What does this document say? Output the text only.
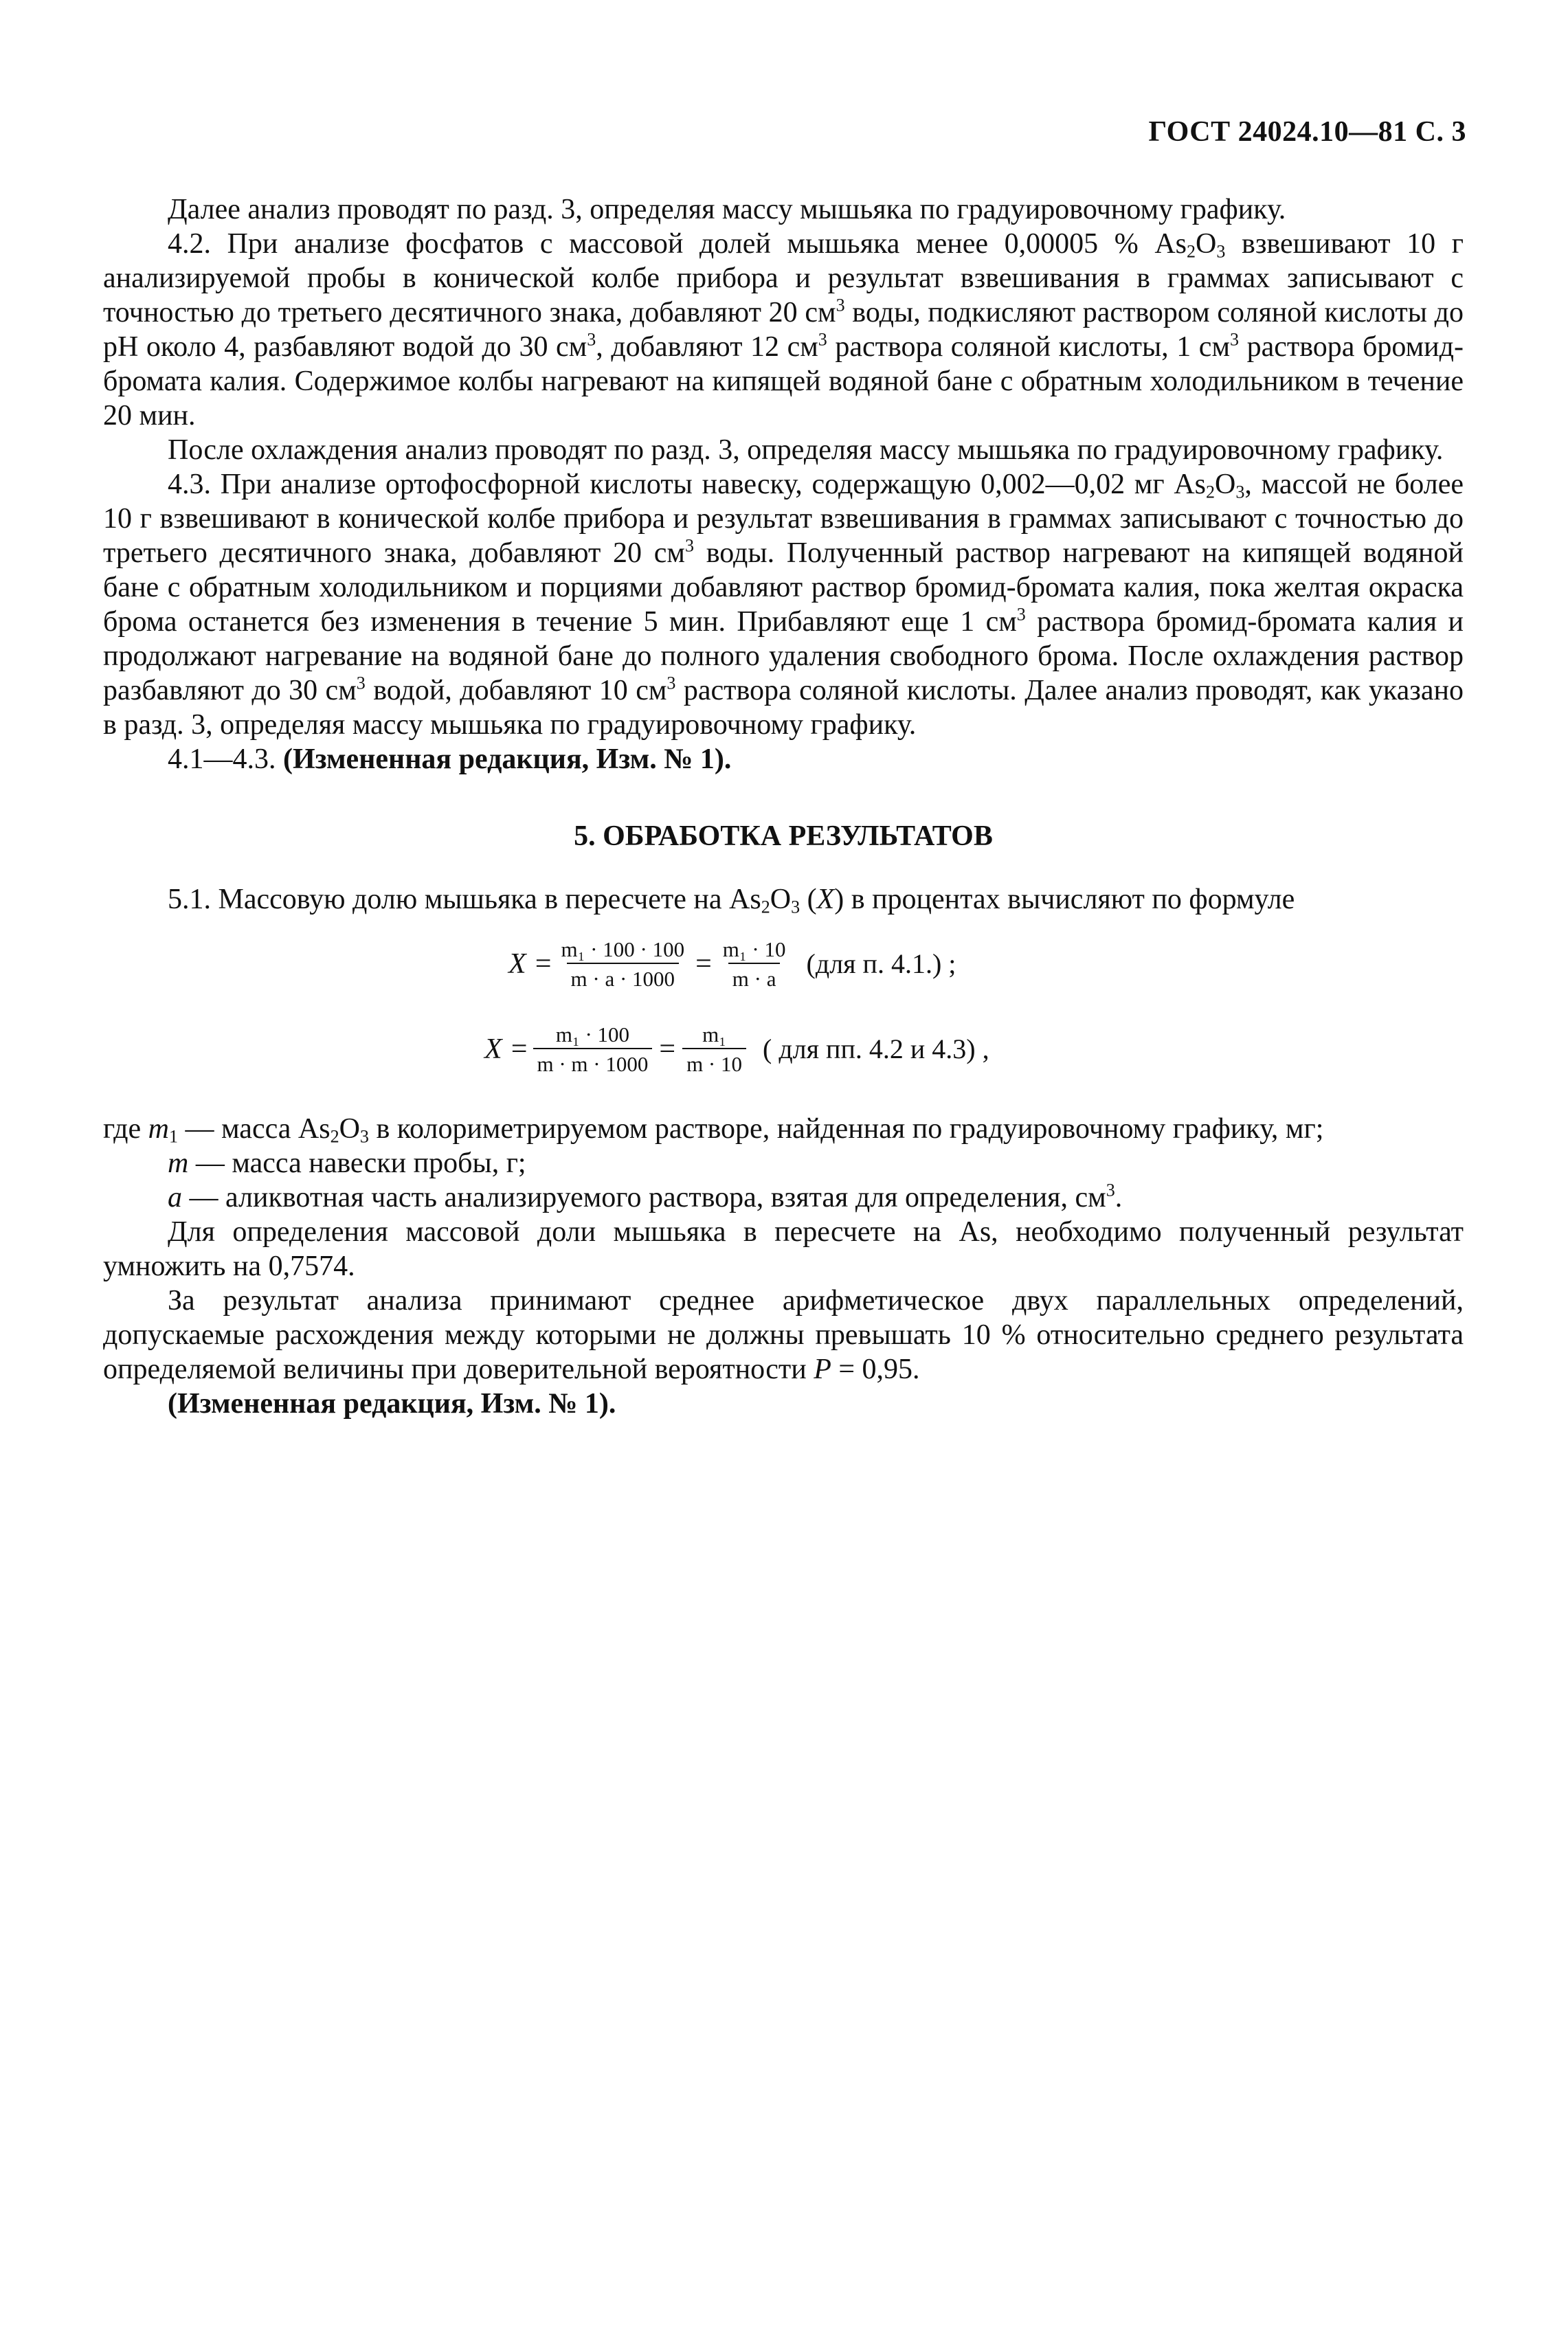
ГОСТ 24024.10—81 С. 3

Далее анализ проводят по разд. 3, определяя массу мышьяка по градуировочному графику.

4.2. При анализе фосфатов с массовой долей мышьяка менее 0,00005 % $As_2O_3$ взвешивают 10 г анализируемой пробы в конической колбе прибора и результат взвешивания в граммах записывают с точностью до третьего десятичного знака, добавляют 20 $см^3$ воды, подкисляют раствором соляной кислоты до pH около 4, разбавляют водой до 30 $см^3$, добавляют 12 $см^3$ раствора соляной кислоты, 1 $см^3$ раствора бромид-бромата калия. Содержимое колбы нагревают на кипящей водяной бане с обратным холодильником в течение 20 мин.

После охлаждения анализ проводят по разд. 3, определяя массу мышьяка по градуировочному графику.

4.3. При анализе ортофосфорной кислоты навеску, содержащую 0,002—0,02 мг $As_2O_3$, массой не более 10 г взвешивают в конической колбе прибора и результат взвешивания в граммах записывают с точностью до третьего десятичного знака, добавляют 20 $см^3$ воды. Полученный раствор нагревают на кипящей водяной бане с обратным холодильником и порциями добавляют раствор бромид-бромата калия, пока желтая окраска брома останется без изменения в течение 5 мин. Прибавляют еще 1 $см^3$ раствора бромид-бромата калия и продолжают нагревание на водяной бане до полного удаления свободного брома. После охлаждения раствор разбавляют до 30 $см^3$ водой, добавляют 10 $см^3$ раствора соляной кислоты. Далее анализ проводят, как указано в разд. 3, определяя массу мышьяка по градуировочному графику.

4.1—4.3. (Измененная редакция, Изм. № 1).

5. ОБРАБОТКА РЕЗУЛЬТАТОВ

5.1. Массовую долю мышьяка в пересчете на $As_2O_3$ (X) в процентах вычисляют по формуле

$X = \frac{\text{m₁ · 100 · 100}}{m \cdot a \cdot 1000} = \frac{\text{m₁ · 10}}{m \cdot a} (для$ п. 4.1.) ;
$X = \frac{\text{m₁ · 100}}{m \cdot m \cdot 1000} = \frac{\text{m₁}}{m \cdot 10}$ ( для пп. 4.2 и 4.3) ,

где $m_1$ — масса $As_2O_3$ в колориметрируемом растворе, найденная по градуировочному графику, мг;

m — масса навески пробы, г;

a — аликвотная часть анализируемого раствора, взятая для определения, $см^3$.

Для определения массовой доли мышьяка в пересчете на As, необходимо полученный результат умножить на 0,7574.

За результат анализа принимают среднее арифметическое двух параллельных определений, допускаемые расхождения между которыми не должны превышать 10 % относительно среднего результата определяемой величины при доверительной вероятности P = 0,95.

(Измененная редакция, Изм. № 1).
